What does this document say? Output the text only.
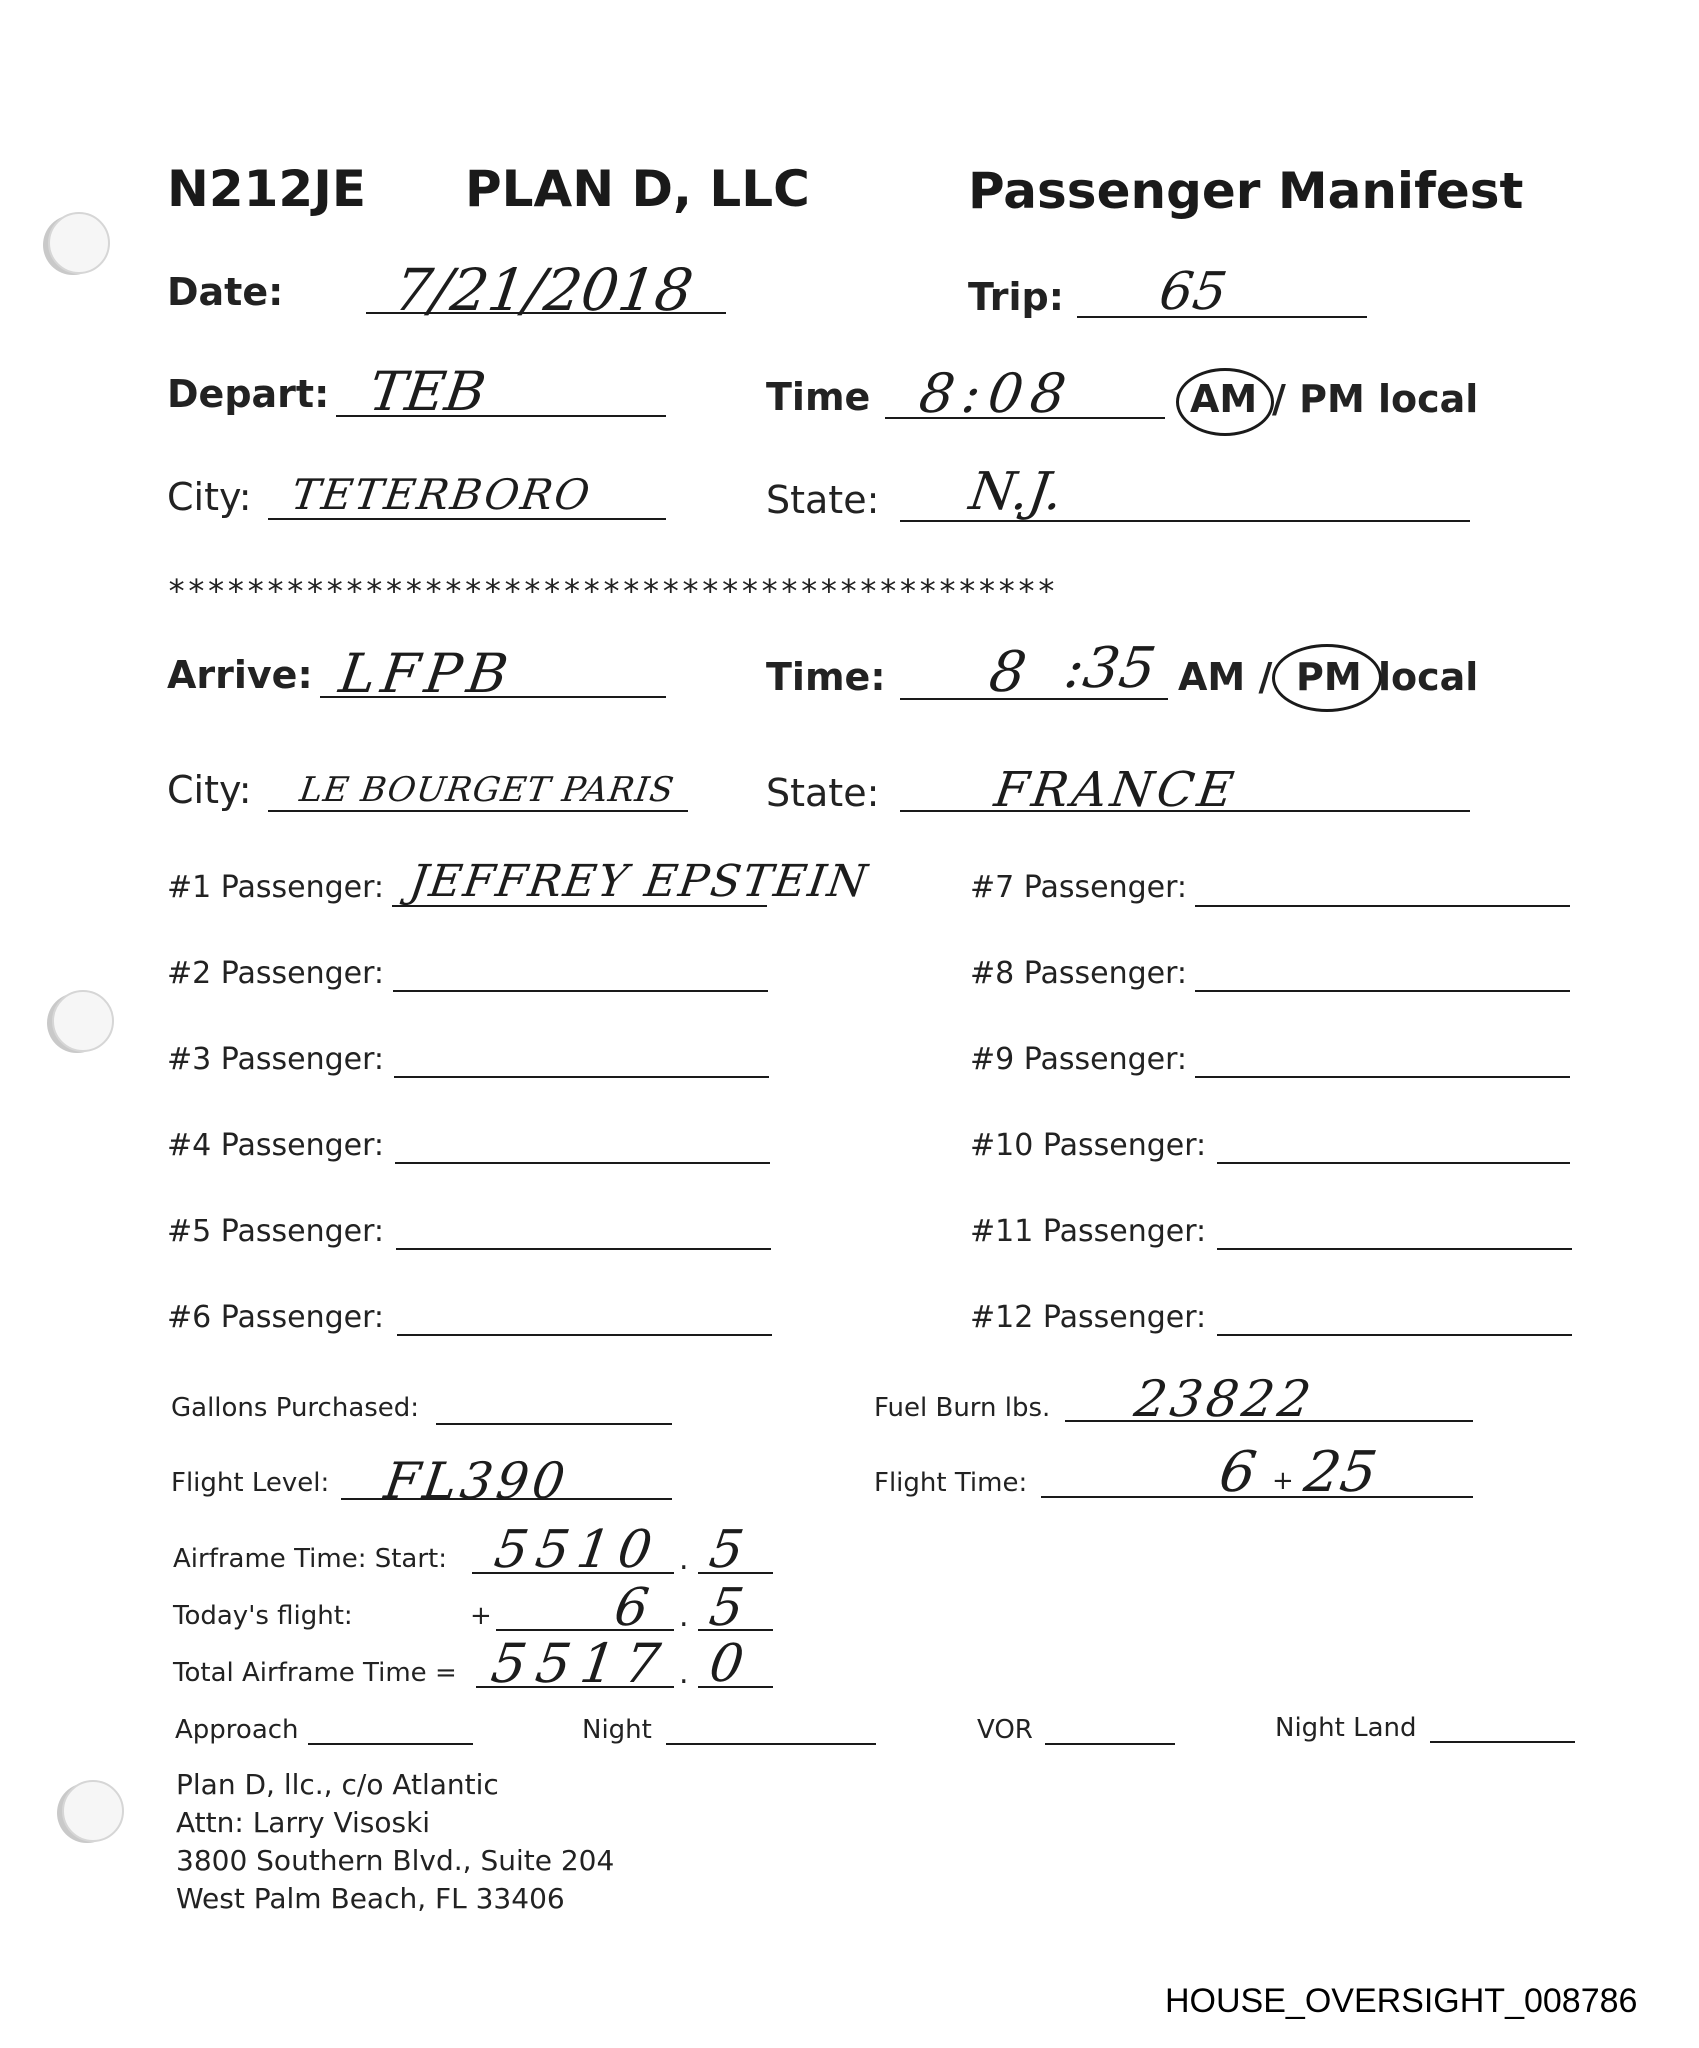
N212JE PLAN D, LLC	Passenger Manifest
Date: 7/21/2018	Trip: 65
Depart: TEB	Time 8:08	AM / PM local
City: TETERBORO	State: N.J.
*********************************************
Arrive: LFPB	Time: 8 :35 AM / PM local
City: LE BOURGET PARIS State: FRANCE
#1 Passenger: JEFFREY EPSTEIN
#2 Passenger:
#3 Passenger:
#4 Passenger:
#5 Passenger:
#6 Passenger:
#7 Passenger:
#8 Passenger:
#9 Passenger:
#10 Passenger:
#11 Passenger:
#12 Passenger:
Gallons Purchased:	Fuel Burn lbs. 23822
Flight Level: FL390	Flight Time:	6 + 25
Airframe Time: Start: 5510 . 5
Today's flight:	+ 6 . 5
Total Airframe Time = 5517 . 0
Approach	Night	VOR	Night Land
Plan D, llc., c/o Atlantic
Attn: Larry Visoski
3800 Southern Blvd., Suite 204
West Palm Beach, FL 33406
HOUSE_OVERSIGHT_008786
